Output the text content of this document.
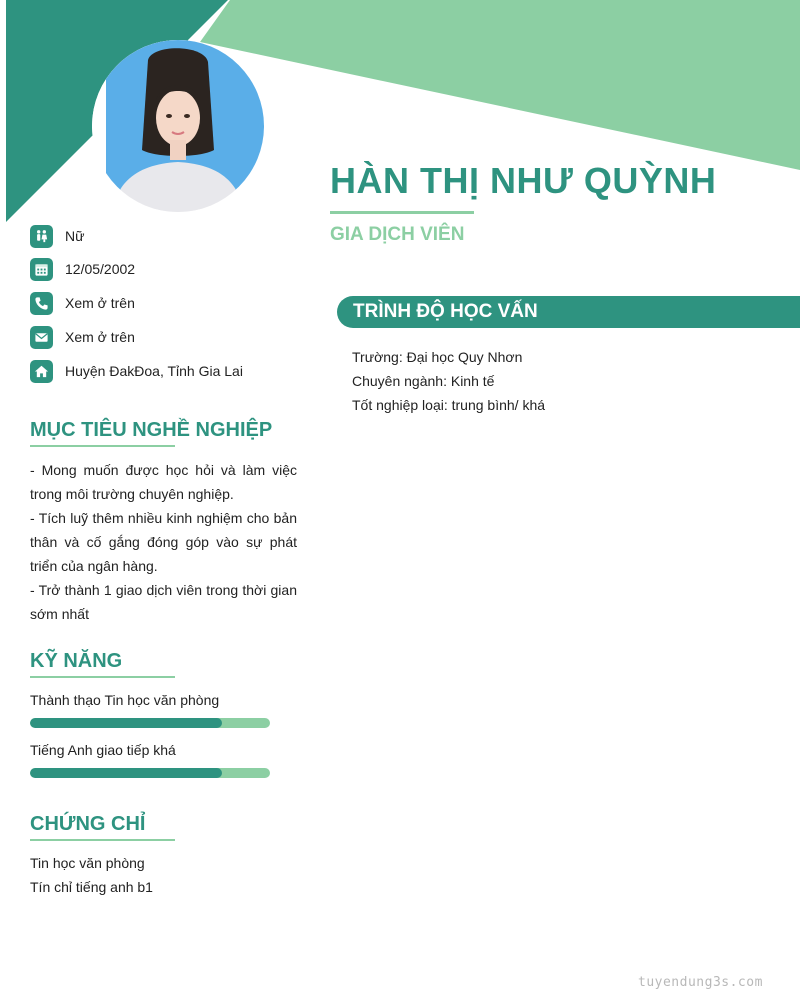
HÀN THỊ NHƯ QUỲNH
GIA DỊCH VIÊN
Nữ
12/05/2002
Xem ở trên
Xem ở trên
Huyện ĐakĐoa, Tỉnh Gia Lai
MỤC TIÊU NGHỀ NGHIỆP

- Mong muốn được học hỏi và làm việc trong môi trường chuyên nghiệp.

- Tích luỹ thêm nhiều kinh nghiệm cho bản thân và cố gắng đóng góp vào sự phát triển của ngân hàng.

- Trở thành 1 giao dịch viên trong thời gian sớm nhất

KỸ NĂNG
Thành thạo Tin học văn phòng
Tiếng Anh giao tiếp khá
CHỨNG CHỈ
Tin học văn phòng
Tín chỉ tiếng anh b1
TRÌNH ĐỘ HỌC VẤN
Trường: Đại học Quy Nhơn
Chuyên ngành: Kinh tế
Tốt nghiệp loại: trung bình/ khá
tuyendung3s.com
